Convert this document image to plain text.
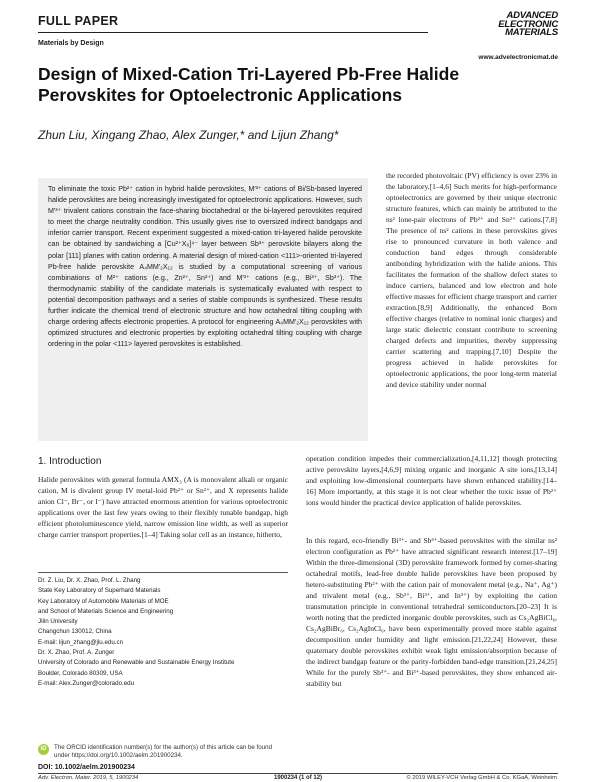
FULL PAPER
Materials by Design
ADVANCED
ELECTRONIC
MATERIALS
www.advelectronicmat.de
Design of Mixed-Cation Tri-Layered Pb-Free Halide Perovskites for Optoelectronic Applications
Zhun Liu, Xingang Zhao, Alex Zunger,* and Lijun Zhang*
To eliminate the toxic Pb²⁺ cation in hybrid halide perovskites, M′³⁺ cations of Bi/Sb-based layered halide perovskites are being increasingly investigated for optoelectronic applications. However, such M′³⁺ trivalent cations constrain the face-sharing bioctahedral or the bi-layered perovskites required to meet the charge neutrality condition. This usually gives rise to oversized indirect bandgaps and inferior carrier transport. Recent experiment suggested a mixed-cation tri-layered halide perovskite can be obtained by sandwiching a [Cu²⁺X₆]⁴⁻ layer between Sb³⁺ perovskite bilayers along the polar [111] planes with cation ordering. A material design of mixed-cation <111>-oriented tri-layered Pb-free halide perovskite A₄MM′₂X₁₂ is studied by a computational screening of various combinations of M²⁺ cations (e.g., Zn²⁺, Sn²⁺) and M′³⁺ cations (e.g., Bi³⁺, Sb³⁺). The thermodynamic stability of the candidate materials is systematically evaluated with respect to potential decomposition pathways and a series of stable compounds is synthesized. These results further indicate the chemical trend of electronic structure and how octahedral tilting coupling with charge ordering affects electronic properties. A protocol for engineering A₄MM′₂X₁₂ perovskites with optimized structures and electronic properties by exploiting octahedral tilting coupling with charge ordering in the polar <111> layered perovskites is established.
the recorded photovoltaic (PV) efficiency is over 23% in the laboratory.[1–4,6] Such merits for high-performance optoelectronics are governed by their unique electronic structure features, which can mainly be attributed to the ns² lone-pair electrons of Pb²⁺ and Sn²⁺ cations.[7,8] The presence of ns² cations in these perovskites gives rise to pronounced curvature in both valence and conduction band edges through considerable antibonding hybridization with the halide anions. This facilitates the formation of the shallow defect states to induce carriers, balanced and low electron and hole effective masses for efficient charge transport and carrier extraction.[8,9] Additionally, the enhanced Born effective charges (relative to nominal ionic charges) and large static dielectric constant contribute to screening charged defects and impurities, thereby suppressing carrier scattering and trapping.[7,10] Despite the progress achieved in halide perovskites for optoelectronic applications, the poor long-term material and device stability under normal
1. Introduction
Halide perovskites with general formula AMX₃ (A is monovalent alkali or organic cation, M is divalent group IV metal-loid Pb²⁺ or Sn²⁺, and X represents halide anion Cl⁻, Br⁻, or I⁻) have attracted enormous attention for various optoelectronic applications over the last few years owing to their flexibly tunable bandgap, high efficient photoluminescence yield, narrow emission line width, as well as superior charge carrier transport properties.[1–4] Taking solar cell as an instance, hitherto,

operation condition impedes their commercialization,[4,11,12] though protecting active perovskite layers,[4,6,9] mixing organic and inorganic A site ions,[13,14] and exploiting low-dimensional counterparts have shown enhanced stability.[14–16] More importantly, at this stage it is not clear whether the toxic issue of Pb²⁺ ions would hinder the practical device application of halide perovskites.

In this regard, eco-friendly Bi³⁺- and Sb³⁺-based perovskites with the similar ns² electron configuration as Pb²⁺ have attracted significant research interest.[17–19] Within the three-dimensional (3D) perovskite framework formed by corner-sharing octahedral motifs, lead-free double halide perovskites have been proposed by hetero-substituting Pb²⁺ with the cation pair of monovalent metal (e.g., Na⁺, Ag⁺) and trivalent metal (e.g., Sb³⁺, Bi³⁺, and In³⁺) by exploiting the cation transmutation principle in conventional tetrahedral semiconductors.[20–23] It is worth noting that the predicted inorganic double perovskites, such as Cs₂AgBiCl₆, Cs₂AgBiBr₆, Cs₂AgInCl₆, have been experimentally proved more stable against decomposition under humidity and light emission.[21,22,24] However, these quaternary double perovskites exhibit weak light emission/absorption because of the indirect bandgap feature or the parity-forbidden band-edge transition.[21,24,25] While for the purely Sb³⁺- and Bi³⁺-based perovskites, they show enhanced air-stability but

Dr. Z. Liu, Dr. X. Zhao, Prof. L. Zhang

State Key Laboratory of Superhard Materials

Key Laboratory of Automobile Materials of MOE

and School of Materials Science and Engineering

Jilin University

Changchun 130012, China

E-mail: lijun_zhang@jlu.edu.cn

Dr. X. Zhao, Prof. A. Zunger

University of Colorado and Renewable and Sustainable Energy Institute

Boulder, Colorado 80309, USA

E-mail: Alex.Zunger@colorado.edu

iD	The ORCID identification number(s) for the author(s) of this article can be found under https://doi.org/10.1002/aelm.201900234.
DOI: 10.1002/aelm.201900234
Adv. Electron. Mater. 2019, 5, 1900234	1900234 (1 of 12)	© 2019 WILEY-VCH Verlag GmbH & Co. KGaA, Weinheim
